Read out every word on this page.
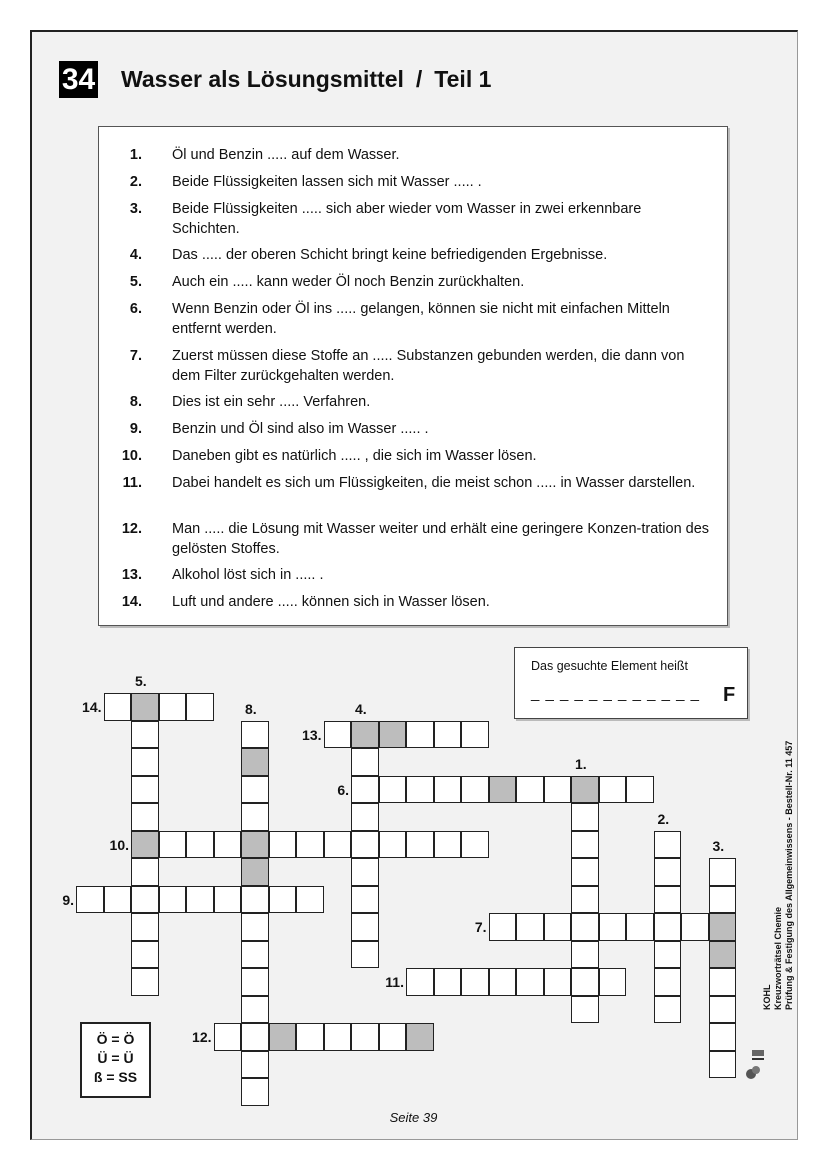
34 Wasser als Lösungsmittel / Teil 1
1. Öl und Benzin ..... auf dem Wasser.
2. Beide Flüssigkeiten lassen sich mit Wasser ..... .
3. Beide Flüssigkeiten ..... sich aber wieder vom Wasser in zwei erkennbare Schichten.
4. Das ..... der oberen Schicht bringt keine befriedigenden Ergebnisse.
5. Auch ein ..... kann weder Öl noch Benzin zurückhalten.
6. Wenn Benzin oder Öl ins ..... gelangen, können sie nicht mit einfachen Mitteln entfernt werden.
7. Zuerst müssen diese Stoffe an ..... Substanzen gebunden werden, die dann von dem Filter zurückgehalten werden.
8. Dies ist ein sehr ..... Verfahren.
9. Benzin und Öl sind also im Wasser ..... .
10. Daneben gibt es natürlich ..... , die sich im Wasser lösen.
11. Dabei handelt es sich um Flüssigkeiten, die meist schon ..... in Wasser darstellen.
12. Man ..... die Lösung mit Wasser weiter und erhält eine geringere Konzen-tration des gelösten Stoffes.
13. Alkohol löst sich in ..... .
14. Luft und andere ..... können sich in Wasser lösen.
14.
13.
6.
10.
9.
7.
11.
12.
5.
8.	4.
1.
2.
3.
Das gesuchte Element heißt
_ _ _ _ _ _ _ _ _ _ _ _ F
Ö = Ö
Ü = Ü
ß = SS
KOHL Kreuzworträtsel Chemie Prüfung & Festigung des Allgemeinwissens - Bestell-Nr. 11 457
Seite 39
